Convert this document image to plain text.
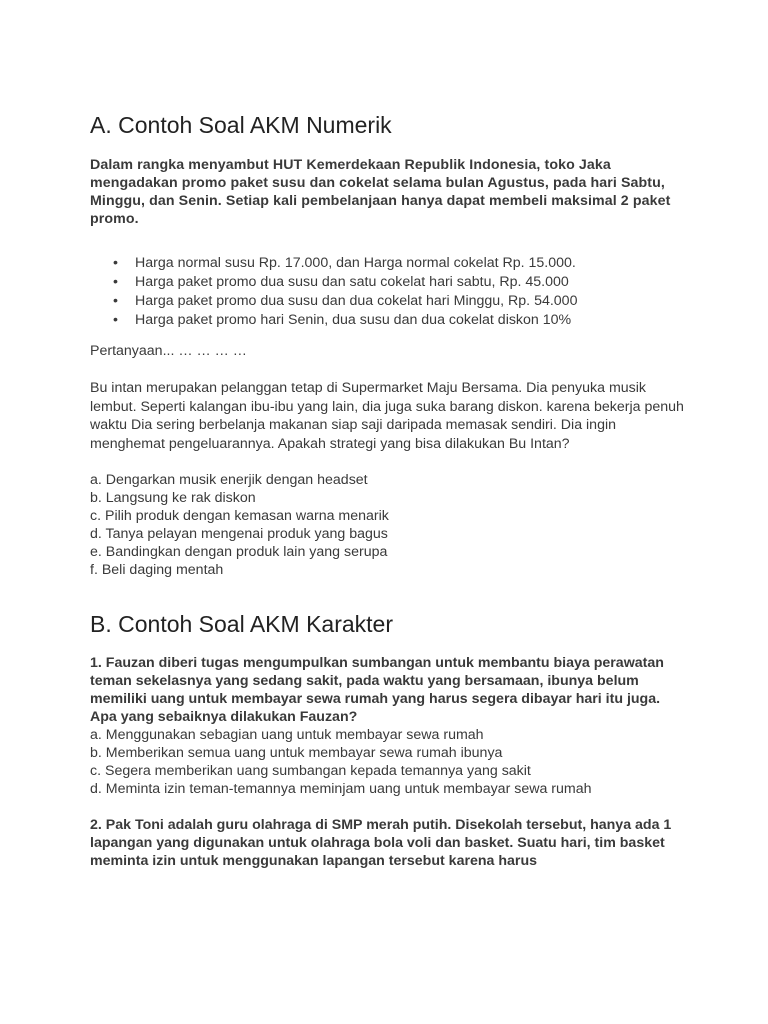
A. Contoh Soal AKM Numerik
Dalam rangka menyambut HUT Kemerdekaan Republik Indonesia, toko Jaka mengadakan promo paket susu dan cokelat selama bulan Agustus, pada hari Sabtu, Minggu, dan Senin. Setiap kali pembelanjaan hanya dapat membeli maksimal 2 paket promo.
• Harga normal susu Rp. 17.000, dan Harga normal cokelat Rp. 15.000.
• Harga paket promo dua susu dan satu cokelat hari sabtu, Rp. 45.000
• Harga paket promo dua susu dan dua cokelat hari Minggu, Rp. 54.000
• Harga paket promo hari Senin, dua susu dan dua cokelat diskon 10%
Pertanyaan... … … … …
Bu intan merupakan pelanggan tetap di Supermarket Maju Bersama. Dia penyuka musik lembut. Seperti kalangan ibu-ibu yang lain, dia juga suka barang diskon. karena bekerja penuh waktu Dia sering berbelanja makanan siap saji daripada memasak sendiri. Dia ingin menghemat pengeluarannya. Apakah strategi yang bisa dilakukan Bu Intan?
a. Dengarkan musik enerjik dengan headset
b. Langsung ke rak diskon
c. Pilih produk dengan kemasan warna menarik
d. Tanya pelayan mengenai produk yang bagus
e. Bandingkan dengan produk lain yang serupa
f. Beli daging mentah
B. Contoh Soal AKM Karakter
1. Fauzan diberi tugas mengumpulkan sumbangan untuk membantu biaya perawatan teman sekelasnya yang sedang sakit, pada waktu yang bersamaan, ibunya belum memiliki uang untuk membayar sewa rumah yang harus segera dibayar hari itu juga. Apa yang sebaiknya dilakukan Fauzan?
a. Menggunakan sebagian uang untuk membayar sewa rumah
b. Memberikan semua uang untuk membayar sewa rumah ibunya
c. Segera memberikan uang sumbangan kepada temannya yang sakit
d. Meminta izin teman-temannya meminjam uang untuk membayar sewa rumah
2. Pak Toni adalah guru olahraga di SMP merah putih. Disekolah tersebut, hanya ada 1 lapangan yang digunakan untuk olahraga bola voli dan basket. Suatu hari, tim basket meminta izin untuk menggunakan lapangan tersebut karena harus
